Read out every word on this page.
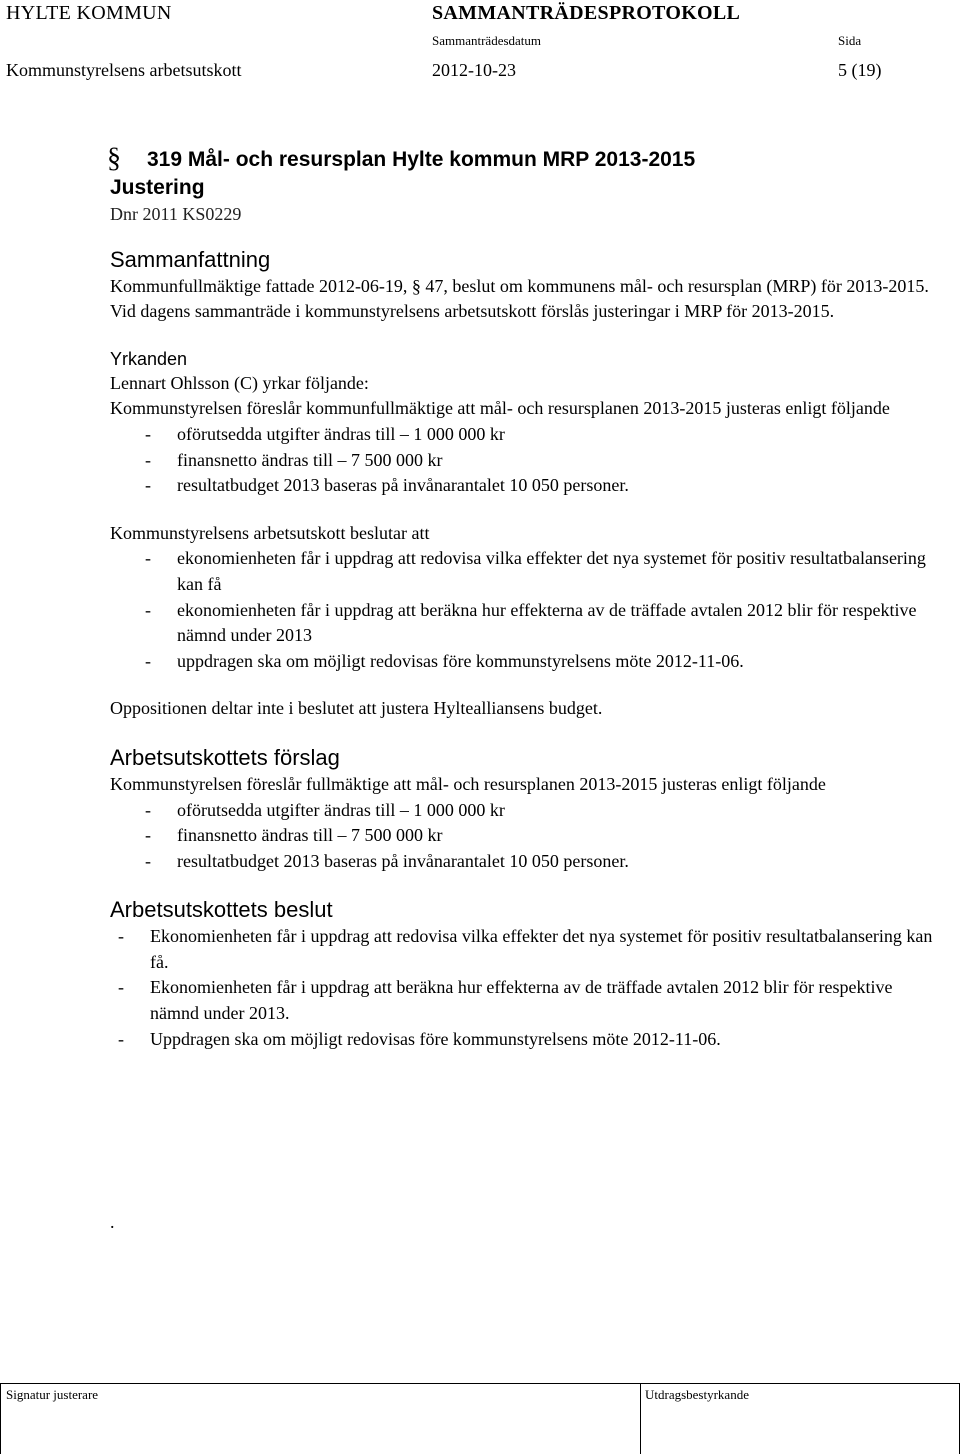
HYLTE KOMMUN	SAMMANTRÄDESPROTOKOLL
Sammanträdesdatum	Sida
Kommunstyrelsens arbetsutskott	2012-10-23	5 (19)
§	319 Mål- och resursplan Hylte kommun MRP 2013-2015
Justering

Dnr 2011 KS0229

Sammanfattning

Kommunfullmäktige fattade 2012-06-19, § 47, beslut om kommunens mål- och resursplan (MRP) för 2013-2015. Vid dagens sammanträde i kommunstyrelsens arbetsutskott förslås justeringar i MRP för 2013-2015.

Yrkanden

Lennart Ohlsson (C) yrkar följande:

Kommunstyrelsen föreslår kommunfullmäktige att mål- och resursplanen 2013-2015 justeras enligt följande

- oförutsedda utgifter ändras till – 1 000 000 kr
- finansnetto ändras till – 7 500 000 kr
- resultatbudget 2013 baseras på invånarantalet 10 050 personer.

Kommunstyrelsens arbetsutskott beslutar att

- ekonomienheten får i uppdrag att redovisa vilka effekter det nya systemet för positiv resultatbalansering kan få
- ekonomienheten får i uppdrag att beräkna hur effekterna av de träffade avtalen 2012 blir för respektive nämnd under 2013
- uppdragen ska om möjligt redovisas före kommunstyrelsens möte 2012-11-06.

Oppositionen deltar inte i beslutet att justera Hyltealliansens budget.

Arbetsutskottets förslag

Kommunstyrelsen föreslår fullmäktige att mål- och resursplanen 2013-2015 justeras enligt följande

- oförutsedda utgifter ändras till – 1 000 000 kr
- finansnetto ändras till – 7 500 000 kr
- resultatbudget 2013 baseras på invånarantalet 10 050 personer.
Arbetsutskottets beslut
- Ekonomienheten får i uppdrag att redovisa vilka effekter det nya systemet för positiv resultatbalansering kan få.
- Ekonomienheten får i uppdrag att beräkna hur effekterna av de träffade avtalen 2012 blir för respektive nämnd under 2013.
- Uppdragen ska om möjligt redovisas före kommunstyrelsens möte 2012-11-06.
.
Signatur justerare	Utdragsbestyrkande
